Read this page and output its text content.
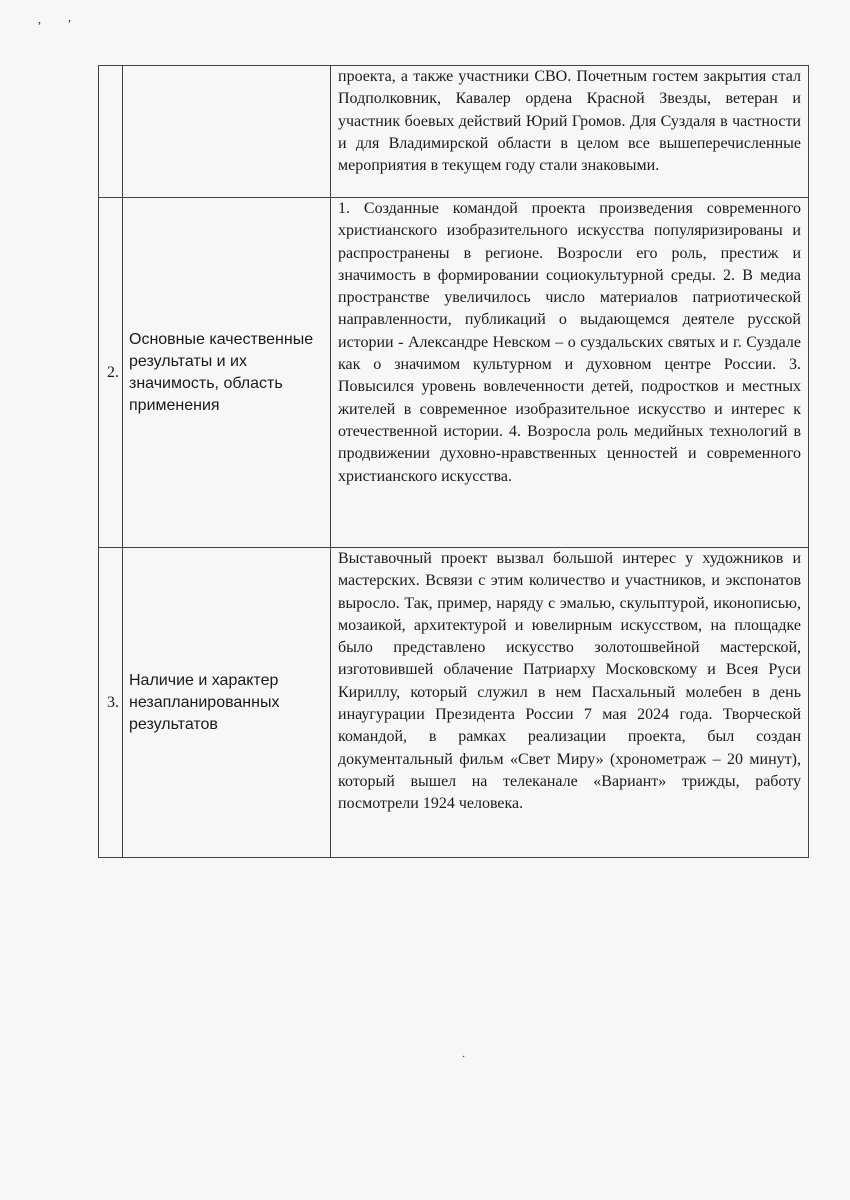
, ,
·
		проекта, а также участники СВО. Почетным гостем закрытия стал Подполковник, Кавалер ордена Красной Звезды, ветеран и участник боевых действий Юрий Громов. Для Суздаля в частности и для Владимирской области в целом все вышеперечисленные мероприятия в текущем году стали знаковыми.
2.	Основные качественные результаты и их значимость, область применения	1. Созданные командой проекта произведения современного христианского изобразительного искусства популяризированы и распространены в регионе. Возросли его роль, престиж и значимость в формировании социокультурной среды. 2. В медиа пространстве увеличилось число материалов патриотической направленности, публикаций о выдающемся деятеле русской истории - Александре Невском – о суздальских святых и г. Суздале как о значимом культурном и духовном центре России. 3. Повысился уровень вовлеченности детей, подростков и местных жителей в современное изобразительное искусство и интерес к отечественной истории. 4. Возросла роль медийных технологий в продвижении духовно-нравственных ценностей и современного христианского искусства.
3.	Наличие и характер незапланированных результатов	Выставочный проект вызвал большой интерес у художников и мастерских. Всвязи с этим количество и участников, и экспонатов выросло. Так, пример, наряду с эмалью, скульптурой, иконописью, мозаикой, архитектурой и ювелирным искусством, на площадке было представлено искусство золотошвейной мастерской, изготовившей облачение Патриарху Московскому и Всея Руси Кириллу, который служил в нем Пасхальный молебен в день инаугурации Президента России 7 мая 2024 года. Творческой командой, в рамках реализации проекта, был создан документальный фильм «Свет Миру» (хронометраж – 20 минут), который вышел на телеканале «Вариант» трижды, работу посмотрели 1924 человека.
